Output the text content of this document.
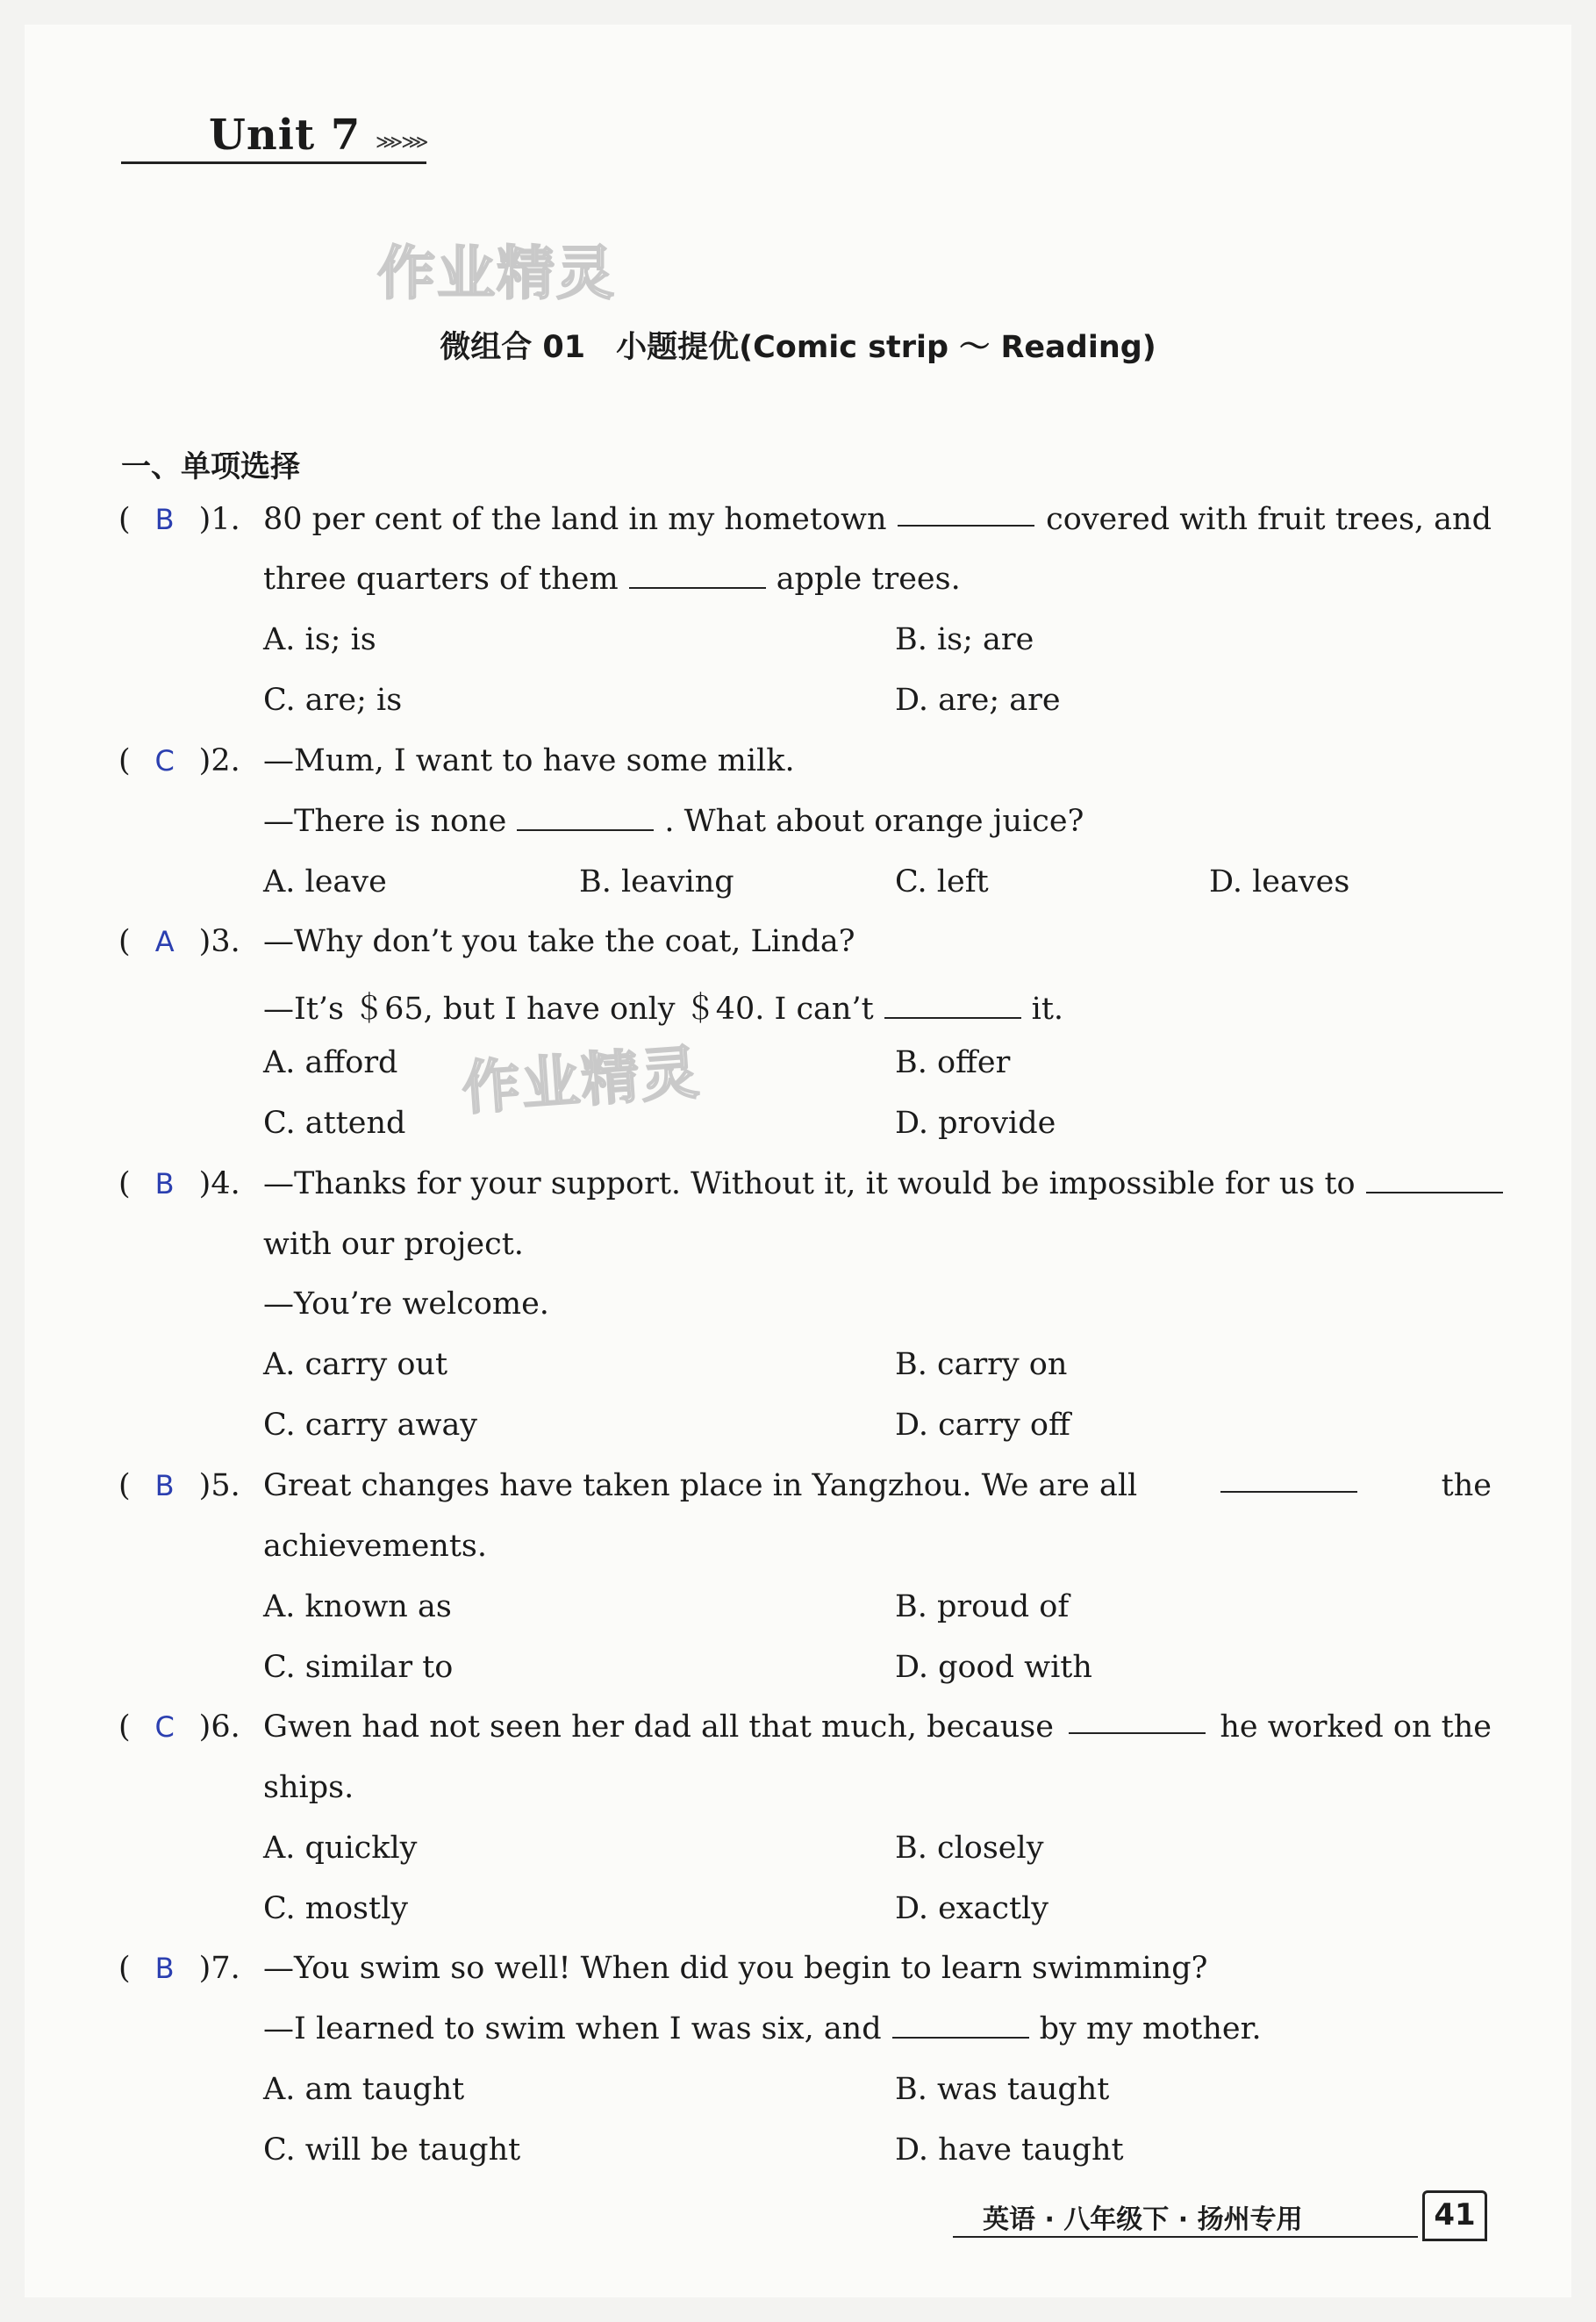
Unit 7 ⋙⋙
作业精灵
作业精灵
微组合 01　小题提优(Comic strip ～ Reading)
一、单项选择
( B )1. 80 per cent of the land in my hometown	covered with fruit trees, and
three quarters of them	apple trees.
A. is; is	B. is; are
C. are; is	D. are; are
( C )2. —Mum, I want to have some milk.
—There is none	. What about orange juice?
A. leave	B. leaving	C. left	D. leaves
( A )3. —Why don’t you take the coat, Linda?
—It’s ＄65, but I have only ＄40. I can’t	it.
A. afford	B. offer
C. attend	D. provide
( B )4. —Thanks for your support. Without it, it would be impossible for us to
with our project.
—You’re welcome.
A. carry out	B. carry on
C. carry away	D. carry off
( B )5. Great changes have taken place in Yangzhou. We are all	the
achievements.
A. known as	B. proud of
C. similar to	D. good with
( C )6. Gwen had not seen her dad all that much, because	he worked on the
ships.
A. quickly	B. closely
C. mostly	D. exactly
( B )7. —You swim so well! When did you begin to learn swimming?
—I learned to swim when I was six, and	by my mother.
A. am taught	B. was taught
C. will be taught	D. have taught
英语 · 八年级下 · 扬州专用	41
